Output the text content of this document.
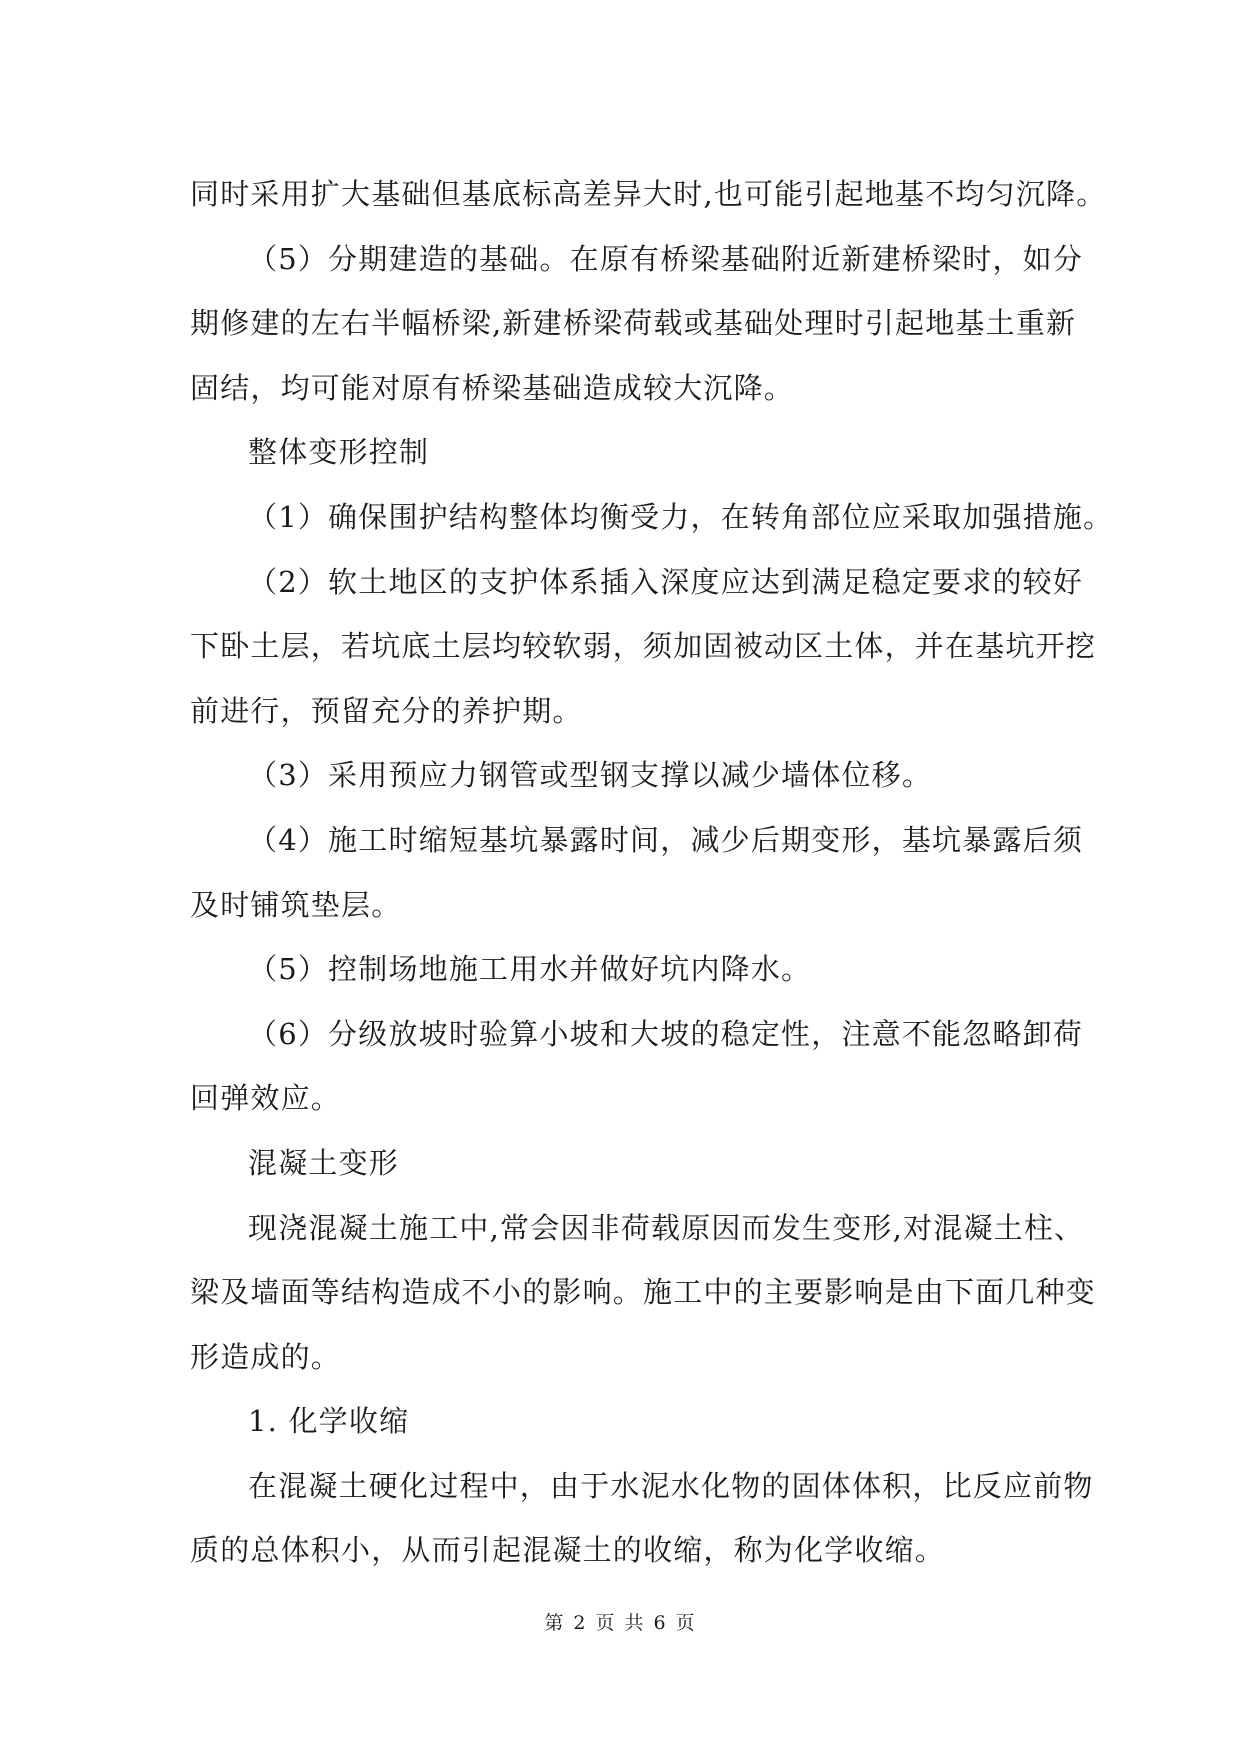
同时采用扩大基础但基底标高差异大时,也可能引起地基不均匀沉降。
（5）分期建造的基础。在原有桥梁基础附近新建桥梁时，如分
期修建的左右半幅桥梁,新建桥梁荷载或基础处理时引起地基土重新
固结，均可能对原有桥梁基础造成较大沉降。
整体变形控制
（1）确保围护结构整体均衡受力，在转角部位应采取加强措施。
（2）软土地区的支护体系插入深度应达到满足稳定要求的较好
下卧土层，若坑底土层均较软弱，须加固被动区土体，并在基坑开挖
前进行，预留充分的养护期。
（3）采用预应力钢管或型钢支撑以减少墙体位移。
（4）施工时缩短基坑暴露时间，减少后期变形，基坑暴露后须
及时铺筑垫层。
（5）控制场地施工用水并做好坑内降水。
（6）分级放坡时验算小坡和大坡的稳定性，注意不能忽略卸荷
回弹效应。
混凝土变形
现浇混凝土施工中,常会因非荷载原因而发生变形,对混凝土柱、
梁及墙面等结构造成不小的影响。施工中的主要影响是由下面几种变
形造成的。
1. 化学收缩
在混凝土硬化过程中，由于水泥水化物的固体体积，比反应前物
质的总体积小，从而引起混凝土的收缩，称为化学收缩。
第 2 页 共 6 页
